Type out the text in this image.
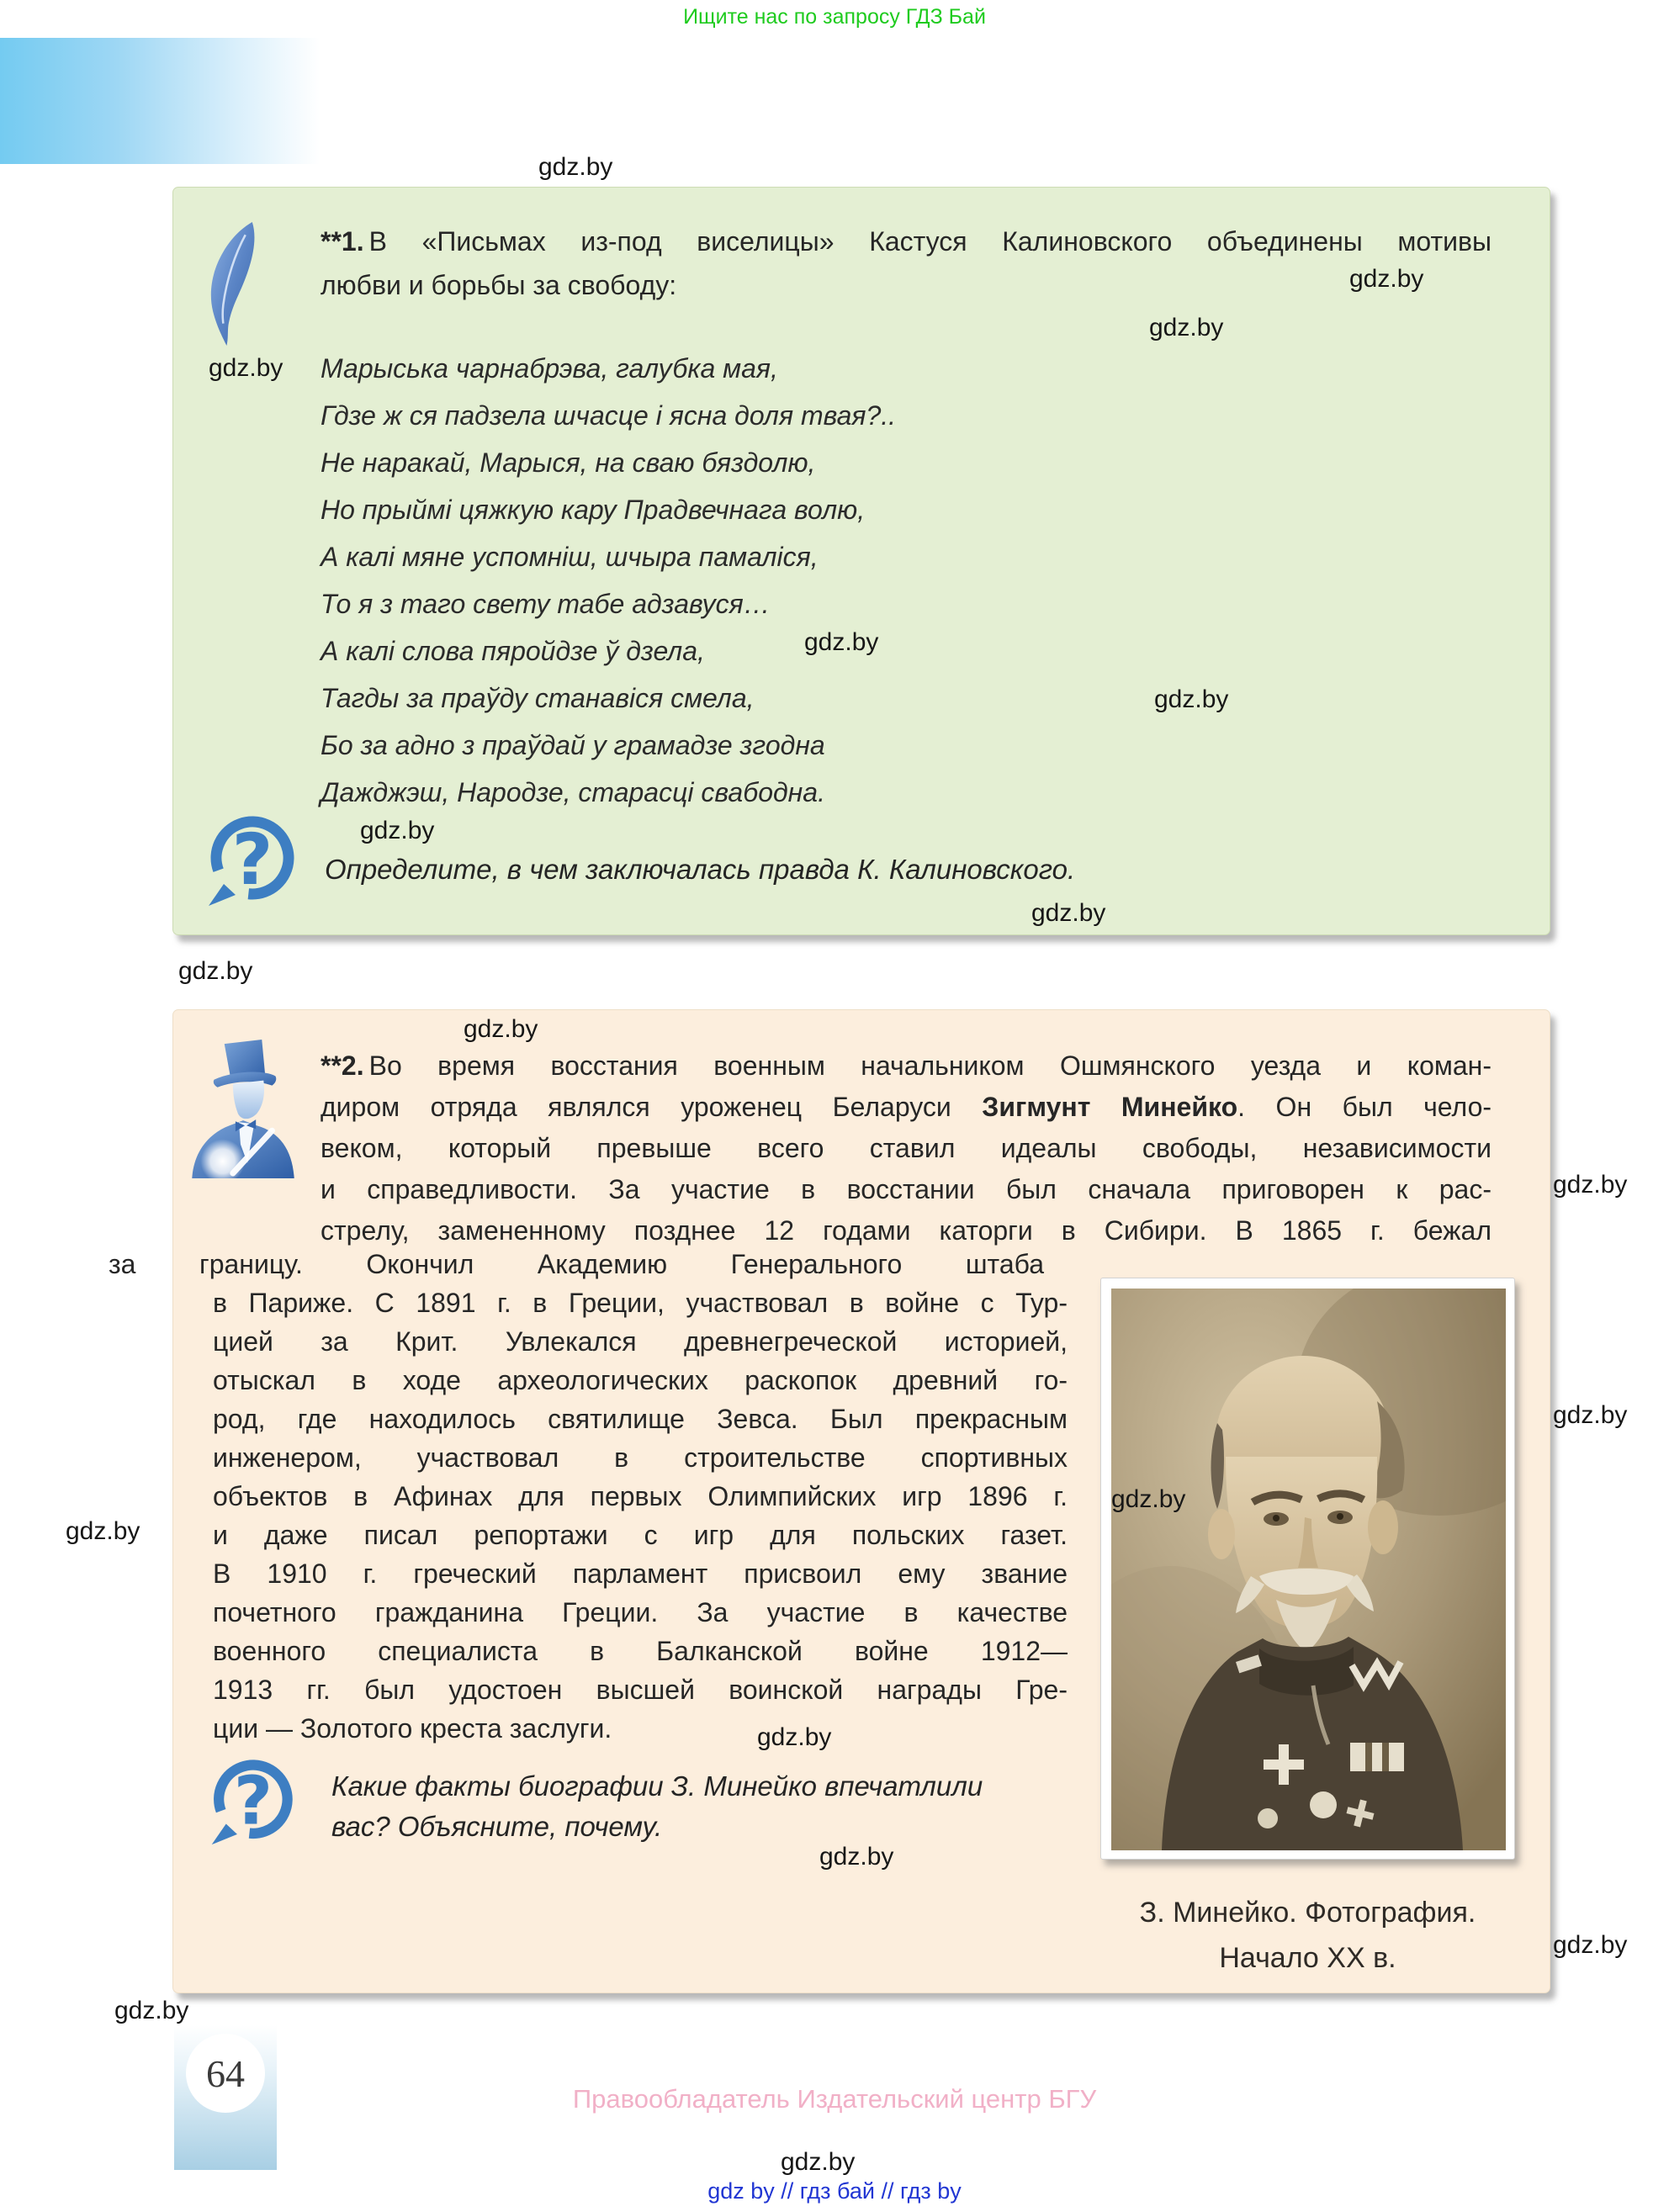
Ищите нас по запросу ГДЗ Бай
gdz.by
gdz.by
**1. В «Письмах из-под виселицы» Кастуся Калиновского объединены мотивы
любви и борьбы за свободу:	gdz.by
gdz.by
Марыська чарнабрэва, галубка мая,
Гдзе ж ся падзела шчасце і ясна доля твая?..
Не наракай, Марыся, на сваю бяздолю,
Но прыймі цяжкую кару Прадвечнага волю,
А калі мяне успомніш, шчыра памаліся,
То я з таго свету табе адзавуся…
А калі слова пяройдзе ў дзела,
Тагды за праўду станавіся смела,
Бо за адно з праўдай у грамадзе згодна
Дажджэш, Народзе, старасці свабодна.
gdz.by
gdz.by
gdz.by
? Определите, в чем заключалась правда К. Калиновского.
gdz.by
gdz.by
gdz.by
**2. Во время восстания военным начальником Ошмянского уезда и коман-
диром отряда являлся уроженец Беларуси Зигмунт Минейко. Он был чело-
веком, который превыше всего ставил идеалы свободы, независимости
и справедливости. За участие в восстании был сначала приговорен к рас-
стрелу, замененному позднее 12 годами каторги в Сибири. В 1865 г. бежал
за границу. Окончил Академию Генерального штаба
в Париже. С 1891 г. в Греции, участвовал в войне с Тур-
цией за Крит. Увлекался древнегреческой историей,
отыскал в ходе археологических раскопок древний го-
род, где находилось святилище Зевса. Был прекрасным
инженером, участвовал в строительстве спортивных
объектов в Афинах для первых Олимпийских игр 1896 г.
и даже писал репортажи с игр для польских газет.
В 1910 г. греческий парламент присвоил ему звание
почетного гражданина Греции. За участие в качестве
военного специалиста в Балканской войне 1912—
1913 гг. был удостоен высшей воинской награды Гре-
ции — Золотого креста заслуги.	gdz.by
? Какие факты биографии З. Минейко впечатлили
вас? Объясните, почему.
gdz.by
gdz.by
З. Минейко. Фотография.
Начало XX в.
gdz.by
gdz.by
gdz.by
gdz.by
gdz.by
64
Правообладатель Издательский центр БГУ
gdz.by
gdz by // гдз бай // гдз by
